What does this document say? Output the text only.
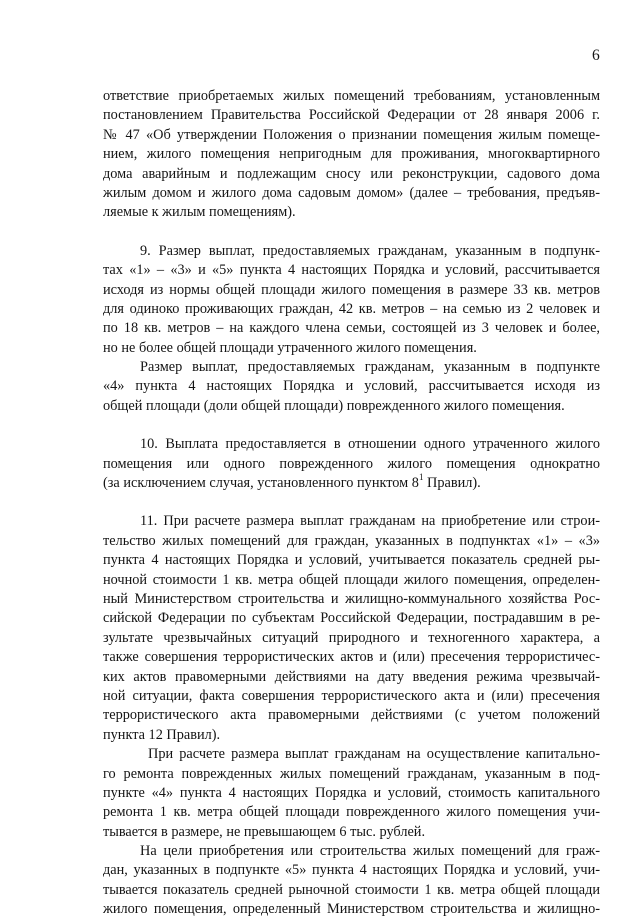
6
ответствие приобретаемых жилых помещений требованиям, установленным
постановлением Правительства Российской Федерации от 28 января 2006 г.
№ 47 «Об утверждении Положения о признании помещения жилым помеще-
нием, жилого помещения непригодным для проживания, многоквартирного
дома аварийным и подлежащим сносу или реконструкции, садового дома
жилым домом и жилого дома садовым домом» (далее – требования, предъяв-
ляемые к жилым помещениям).
9. Размер выплат, предоставляемых гражданам, указанным в подпунк-
тах «1» – «3» и «5» пункта 4 настоящих Порядка и условий, рассчитывается
исходя из нормы общей площади жилого помещения в размере 33 кв. метров
для одиноко проживающих граждан, 42 кв. метров – на семью из 2 человек и
по 18 кв. метров – на каждого члена семьи, состоящей из 3 человек и более,
но не более общей площади утраченного жилого помещения.
Размер выплат, предоставляемых гражданам, указанным в подпункте
«4» пункта 4 настоящих Порядка и условий, рассчитывается исходя из
общей площади (доли общей площади) поврежденного жилого помещения.
10. Выплата предоставляется в отношении одного утраченного жилого
помещения или одного поврежденного жилого помещения однократно
(за исключением случая, установленного пунктом $8^1$ Правил).
11. При расчете размера выплат гражданам на приобретение или строи-
тельство жилых помещений для граждан, указанных в подпунктах «1» – «3»
пункта 4 настоящих Порядка и условий, учитывается показатель средней ры-
ночной стоимости 1 кв. метра общей площади жилого помещения, определен-
ный Министерством строительства и жилищно-коммунального хозяйства Рос-
сийской Федерации по субъектам Российской Федерации, пострадавшим в ре-
зультате чрезвычайных ситуаций природного и техногенного характера, а
также совершения террористических актов и (или) пресечения террористичес-
ких актов правомерными действиями на дату введения режима чрезвычай-
ной ситуации, факта совершения террористического акта и (или) пресечения
террористического акта правомерными действиями (с учетом положений
пункта 12 Правил).
При расчете размера выплат гражданам на осуществление капитально-
го ремонта поврежденных жилых помещений гражданам, указанным в под-
пункте «4» пункта 4 настоящих Порядка и условий, стоимость капитального
ремонта 1 кв. метра общей площади поврежденного жилого помещения учи-
тывается в размере, не превышающем 6 тыс. рублей.
На цели приобретения или строительства жилых помещений для граж-
дан, указанных в подпункте «5» пункта 4 настоящих Порядка и условий, учи-
тывается показатель средней рыночной стоимости 1 кв. метра общей площади
жилого помещения, определенный Министерством строительства и жилищно-
